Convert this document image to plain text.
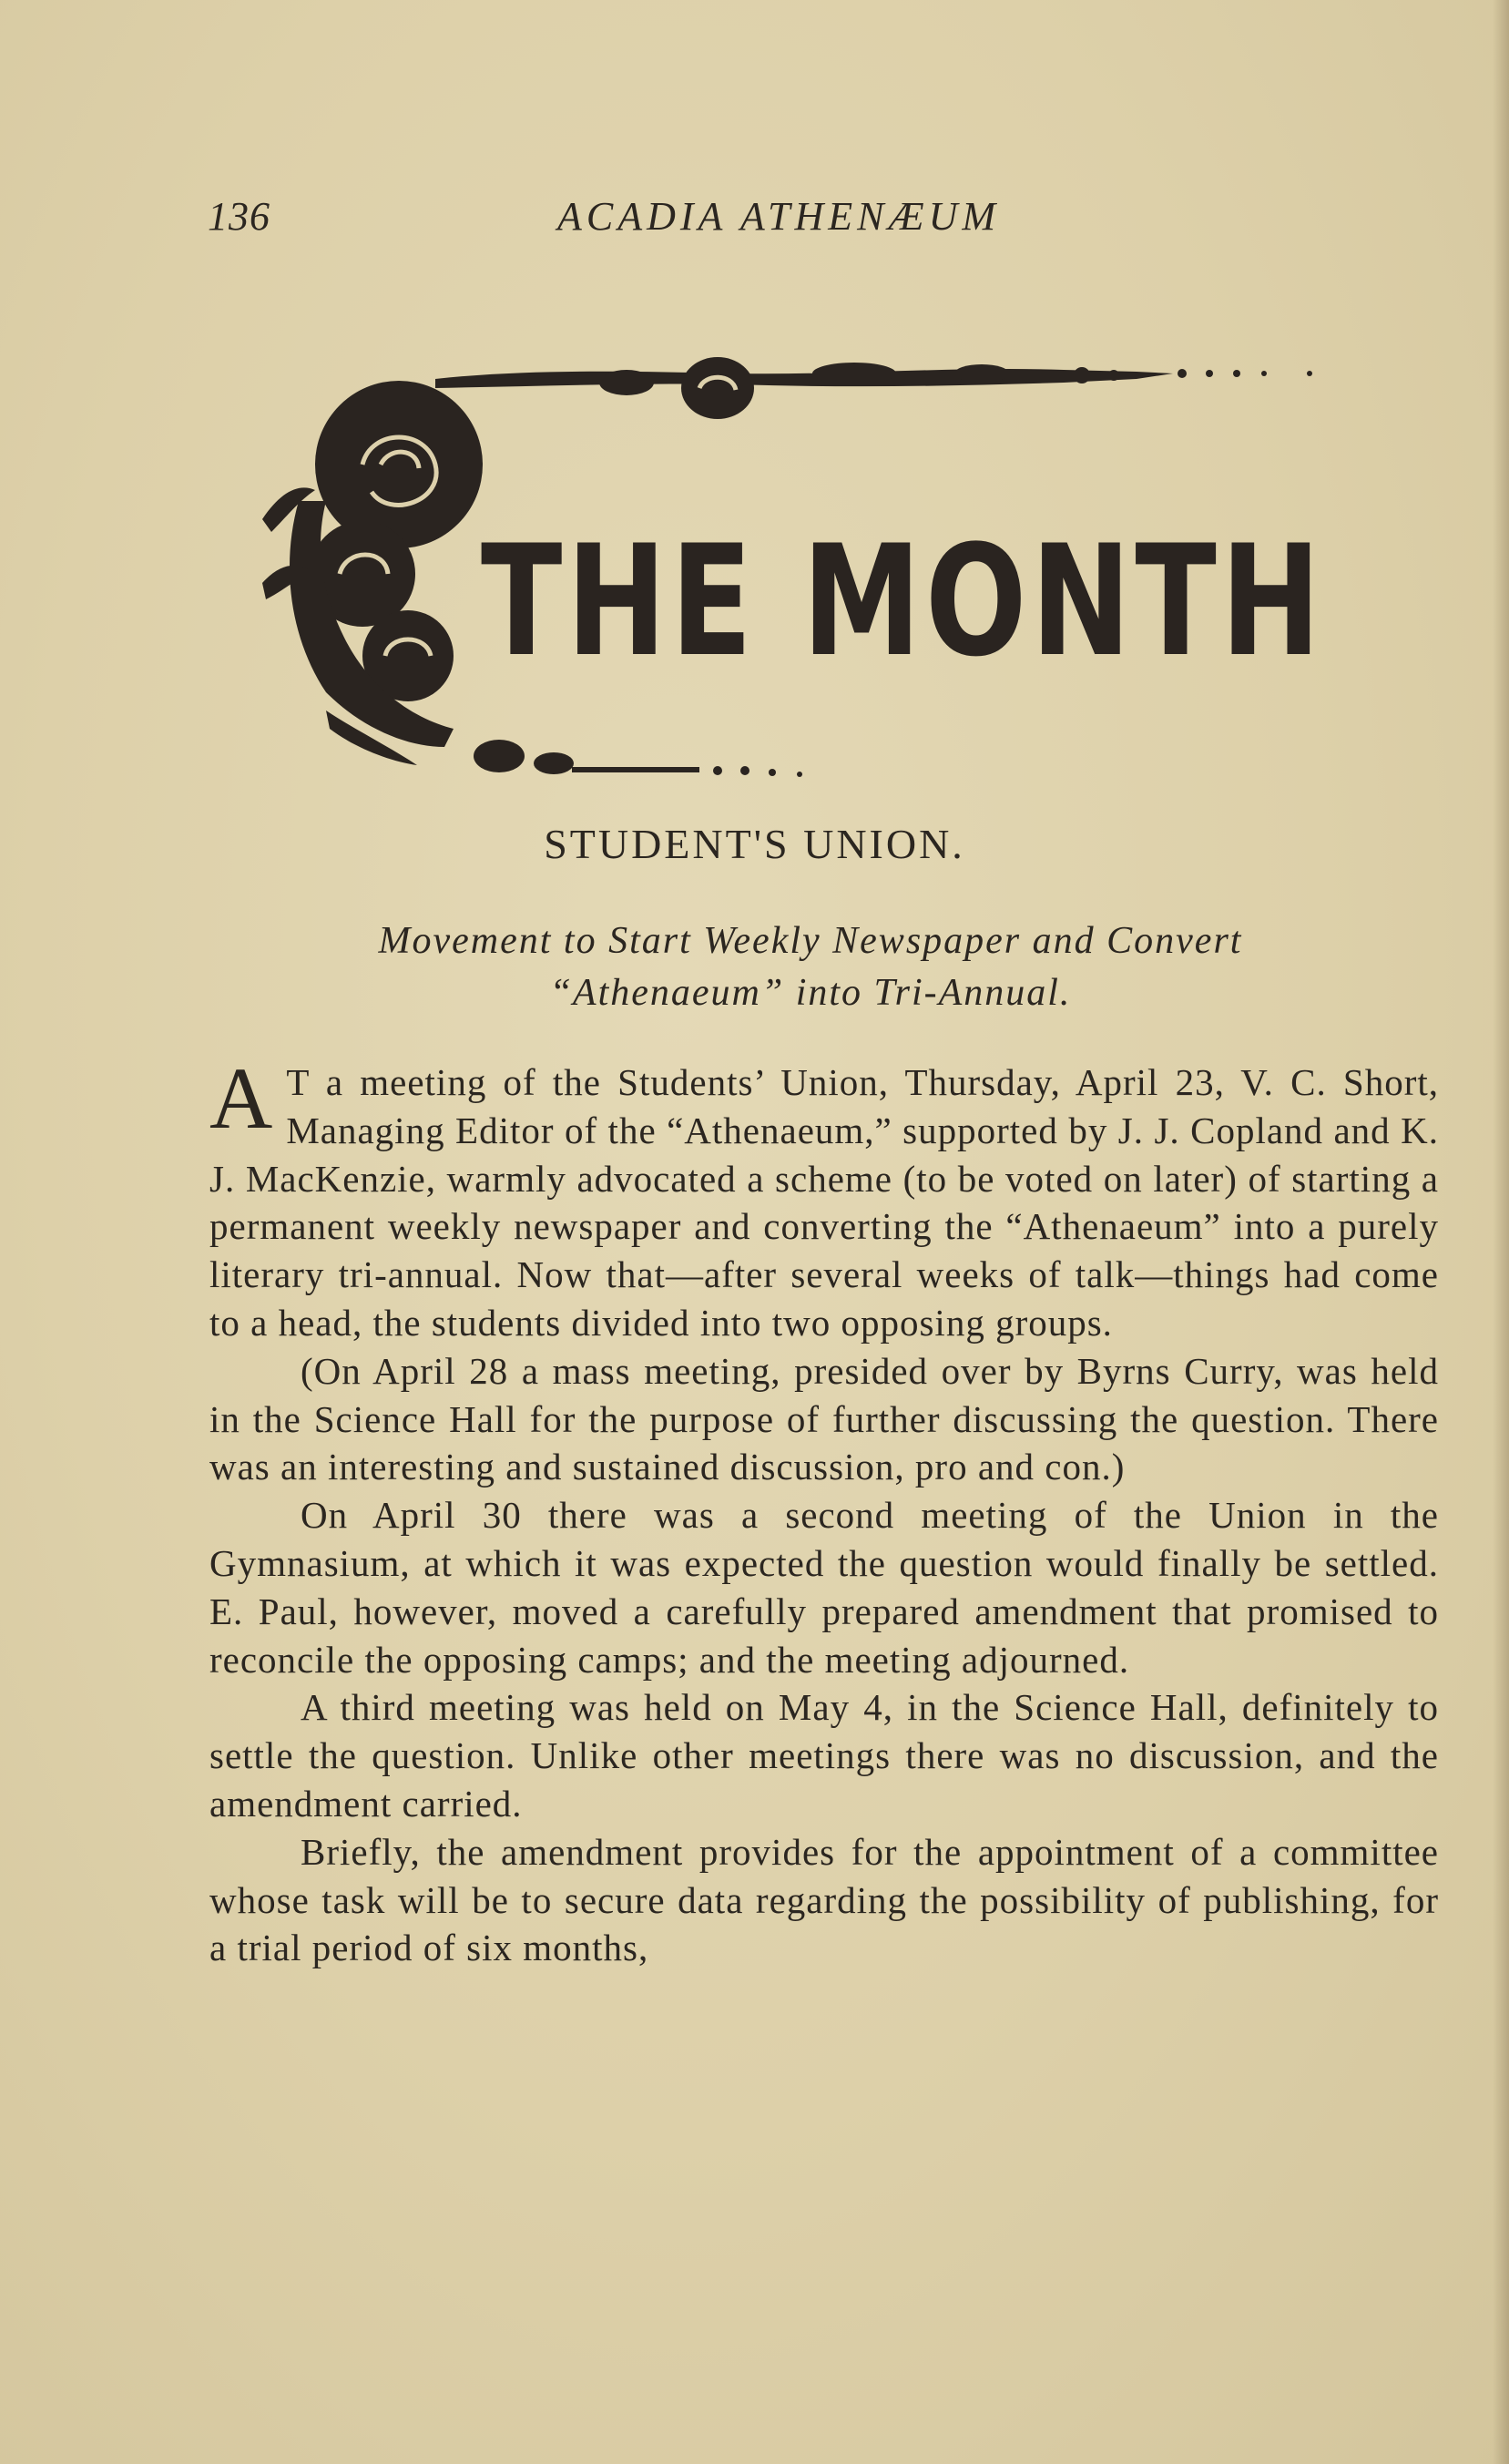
136	ACADIA ATHENÆUM
THE MONTH
STUDENT'S UNION.
Movement to Start Weekly Newspaper and Convert
“Athenaeum” into Tri-Annual.

A T a meeting of the Students’ Union, Thursday, April 23, V. C. Short, Managing Editor of the “Athenaeum,” supported by J. J. Copland and K. J. MacKenzie, warmly advocated a scheme (to be voted on later) of starting a permanent weekly newspaper and converting the “Athenaeum” into a purely literary tri-annual. Now that—after several weeks of talk—things had come to a head, the students divided into two opposing groups.

(On April 28 a mass meeting, presided over by Byrns Curry, was held in the Science Hall for the purpose of further discussing the question. There was an interesting and sustained discussion, pro and con.)

On April 30 there was a second meeting of the Union in the Gymnasium, at which it was expected the question would finally be settled. E. Paul, however, moved a carefully prepared amendment that promised to reconcile the opposing camps; and the meeting adjourned.

A third meeting was held on May 4, in the Science Hall, definitely to settle the question. Unlike other meetings there was no discussion, and the amendment carried.

Briefly, the amendment provides for the appointment of a committee whose task will be to secure data regarding the possibility of publishing, for a trial period of six months,
